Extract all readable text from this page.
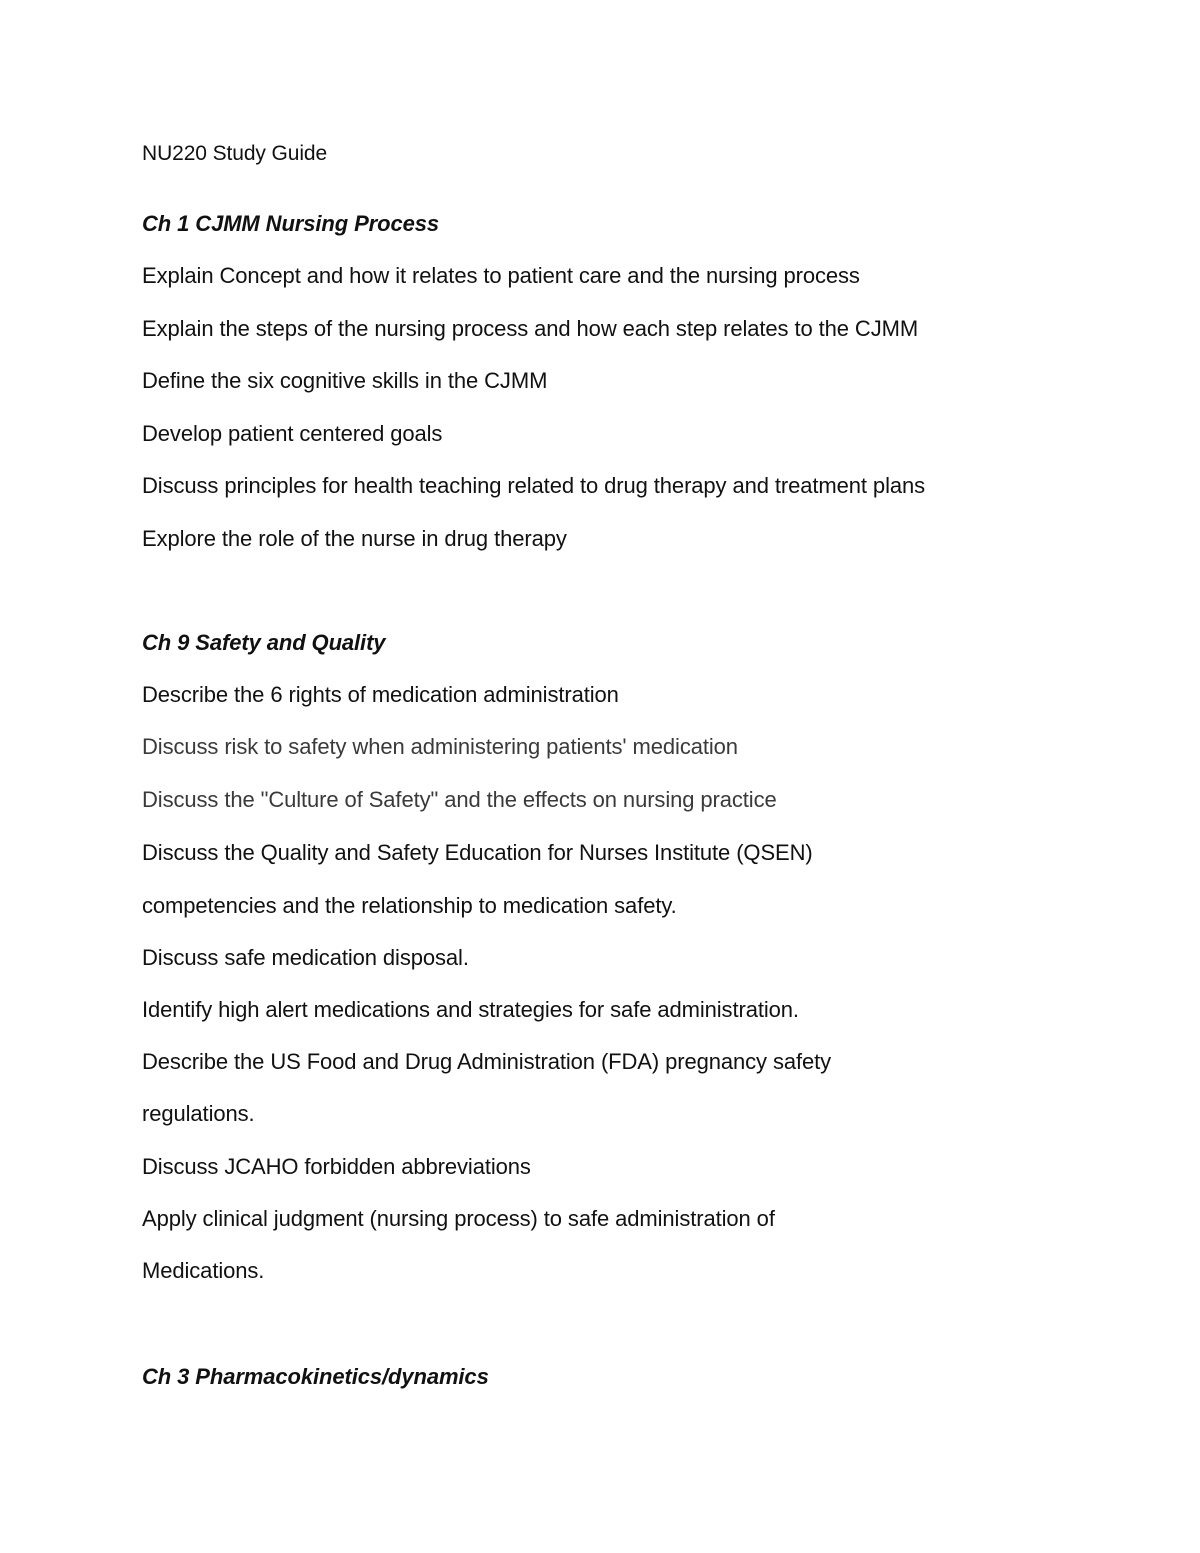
NU220 Study Guide
Ch 1 CJMM Nursing Process
Explain Concept and how it relates to patient care and the nursing process
Explain the steps of the nursing process and how each step relates to the CJMM
Define the six cognitive skills in the CJMM
Develop patient centered goals
Discuss principles for health teaching related to drug therapy and treatment plans
Explore the role of the nurse in drug therapy
Ch 9 Safety and Quality
Describe the 6 rights of medication administration
Discuss risk to safety when administering patients' medication
Discuss the "Culture of Safety" and the effects on nursing practice
Discuss the Quality and Safety Education for Nurses Institute (QSEN)
competencies and the relationship to medication safety.
Discuss safe medication disposal.
Identify high alert medications and strategies for safe administration.
Describe the US Food and Drug Administration (FDA) pregnancy safety
regulations.
Discuss JCAHO forbidden abbreviations
Apply clinical judgment (nursing process) to safe administration of
Medications.
Ch 3 Pharmacokinetics/dynamics
